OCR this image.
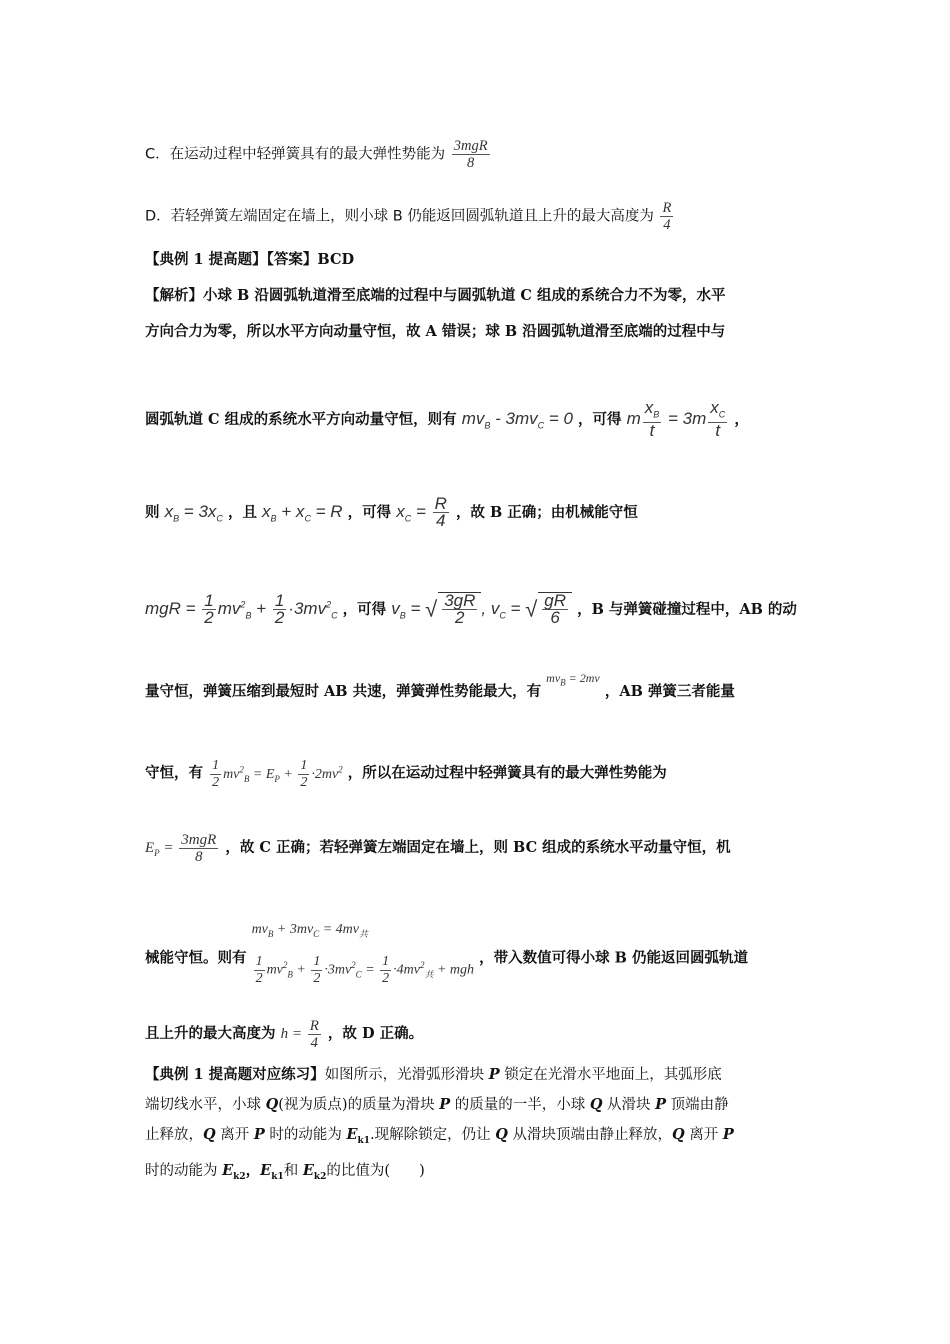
C．在运动过程中轻弹簧具有的最大弹性势能为 $\frac{\text{3mgR}}{8}$
D．若轻弹簧左端固定在墙上，则小球 B 仍能返回圆弧轨道且上升的最大高度为 $\frac{R}{4}$
【典例 1 提高题】【答案】BCD
【解析】小球 B 沿圆弧轨道滑至底端的过程中与圆弧轨道 C 组成的系统合力不为零，水平
方向合力为零，所以水平方向动量守恒，故 A 错误；球 B 沿圆弧轨道滑至底端的过程中与
圆弧轨道 C 组成的系统水平方向动量守恒，则有 $mv_B - 3mv_C = 0$ ，可得 m $\frac{x_B}{t} = 3m \frac{x_C}{t}$ ，
则 $x_B = 3x_C$ ，且 $x_B + x_C = R$ ，可得 $x_C = \frac{R}{4}$ ，故 B 正确；由机械能守恒
mgR = $\frac{1}{2} mv^2_B + \frac{1}{2} \cdot 3mv^2_C$ ，可得 $v_B$ = √ $\frac{3gR}{2}$ , $v_C$ = √ $\frac{gR}{6}$ ，B 与弹簧碰撞过程中，AB 的动
量守恒，弹簧压缩到最短时 AB 共速，弹簧弹性势能最大，有 $^{mv_B = 2mv}$ ，AB 弹簧三者能量
守恒，有 $\frac{1}{2} mv^2_B = E_P + \frac{1}{2} \cdot 2mv^2$ ，所以在运动过程中轻弹簧具有的最大弹性势能为
$E_P = \frac{\text{3mgR}}{8}$ ，故 C 正确；若轻弹簧左端固定在墙上，则 BC 组成的系统水平动量守恒，机
械能守恒。则有
$mv_B + 3mv_C = 4mv_共$
$\frac{1}{2} mv^2_B + \frac{1}{2} \cdot 3mv^2_C = \frac{1}{2} \cdot 4mv^2_共$ + mgh
，带入数值可得小球 B 仍能返回圆弧轨道
且上升的最大高度为 $h = \frac{R}{4}$ ，故 D 正确。
【典例 1 提高题对应练习】如图所示，光滑弧形滑块 P 锁定在光滑水平地面上，其弧形底
端切线水平，小球 Q(视为质点)的质量为滑块 P 的质量的一半，小球 Q 从滑块 P 顶端由静
止释放，Q 离开 P 时的动能为 $E_{k1}$.现解除锁定，仍让 Q 从滑块顶端由静止释放，Q 离开 P
时的动能为 $E_{k2}$，$E_{k1}$和 $E_{k2}$的比值为(　　)
